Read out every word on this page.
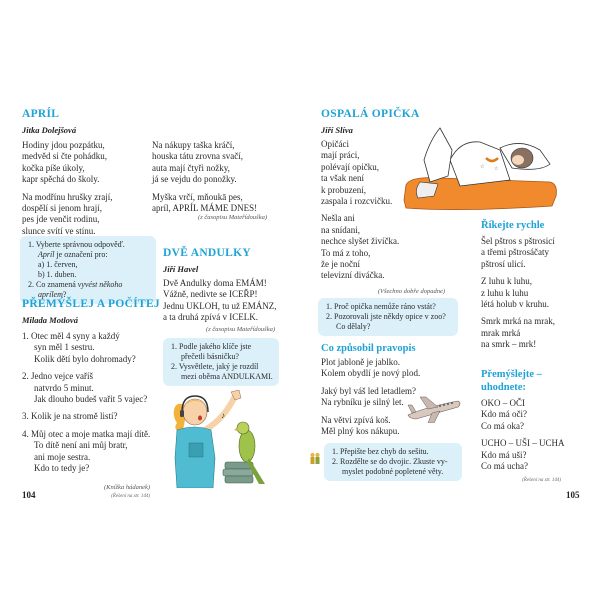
APRÍL
Jitka Dolejšová

Hodiny jdou pozpátku,
medvěd si čte pohádku,
kočka píše úkoly,
kapr spěchá do školy.

Na modřínu hrušky zrají,
dospělí si jenom hrají,
pes jde venčit rodinu,
slunce svítí ve stínu.

Na nákupy taška kráčí,
houska tátu zrovna svačí,
auta mají čtyři nožky,
já se vejdu do ponožky.

Myška vrčí, mňoukā pes,
apríl, APRÍL MÁME DNES!

(z časopisu Mateřídouška)
1. Vyberte správnou odpověď.
Apríl je označení pro:
a) 1. červen,
b) 1. duben.
2. Co znamená vyvést někoho aprílem?
PŘEMÝŠLEJ A POČÍTEJ
Milada Motlová
1. Otec měl 4 syny a každý
syn měl 1 sestru.
Kolik dětí bylo dohromady?
2. Jedno vejce vaříš
natvrdo 5 minut.
Jak dlouho budeš vařit 5 vajec?
3. Kolik je na stromě listí?
4. Můj otec a moje matka mají dítě.
To dítě není ani můj bratr,
ani moje sestra.
Kdo to tedy je?
(Knížka hádanek)
(Řešení na str. 144)
104
DVĚ ANDULKY
Jiří Havel
Dvě Andulky doma EMÁM!
Vážně, nedivte se ICEŘP!
Jednu UKLOH, tu už EMÁNZ,
a ta druhá zpívá v ICELK.
(z časopisu Mateřídouška)
1. Podle jakého klíče jste přečetli básničku?
2. Vysvětlete, jaký je rozdíl mezi oběma ANDULKAMI.
♪
OSPALÁ OPIČKA
Jiří Slíva

Opičáci
mají práci,
polévají opičku,
ta však není
k probuzení,
zaspala i rozcvičku.

Nešla ani
na snídani,
nechce slyšet živíčka.
To má z toho,
že je noční
televizní diváčka.

(Všechno dobře dopadne)
1. Proč opička nemůže ráno vstát?
2. Pozorovali jste někdy opice v zoo?
Co dělaly?
☆ ☆
Co způsobil pravopis

Plot jabloně je jablko.
Kolem obydlí je nový plod.

Jaký byl váš led letadlem?
Na rybníku je silný let.

Na větvi zpívá koš.
Měl plný kos nákupu.

1. Přepište bez chyb do sešitu.
2. Rozdělte se do dvojic. Zkuste vy-
myslet podobné popletené věty.
Říkejte rychle

Šel pštros s pštrosicí
a třemi pštrosáčaty
pštrosí ulicí.

Z luhu k luhu,
z luhu k luhu
létá holub v kruhu.

Smrk mrká na mrak,
mrak mrká
na smrk – mrk!

Přemýšlejte –
uhodnete:

OKO – OČI
Kdo má oči?
Co má oka?

UCHO – UŠI – UCHA
Kdo má uši?
Co má ucha?

(Řešení na str. 144)
105
